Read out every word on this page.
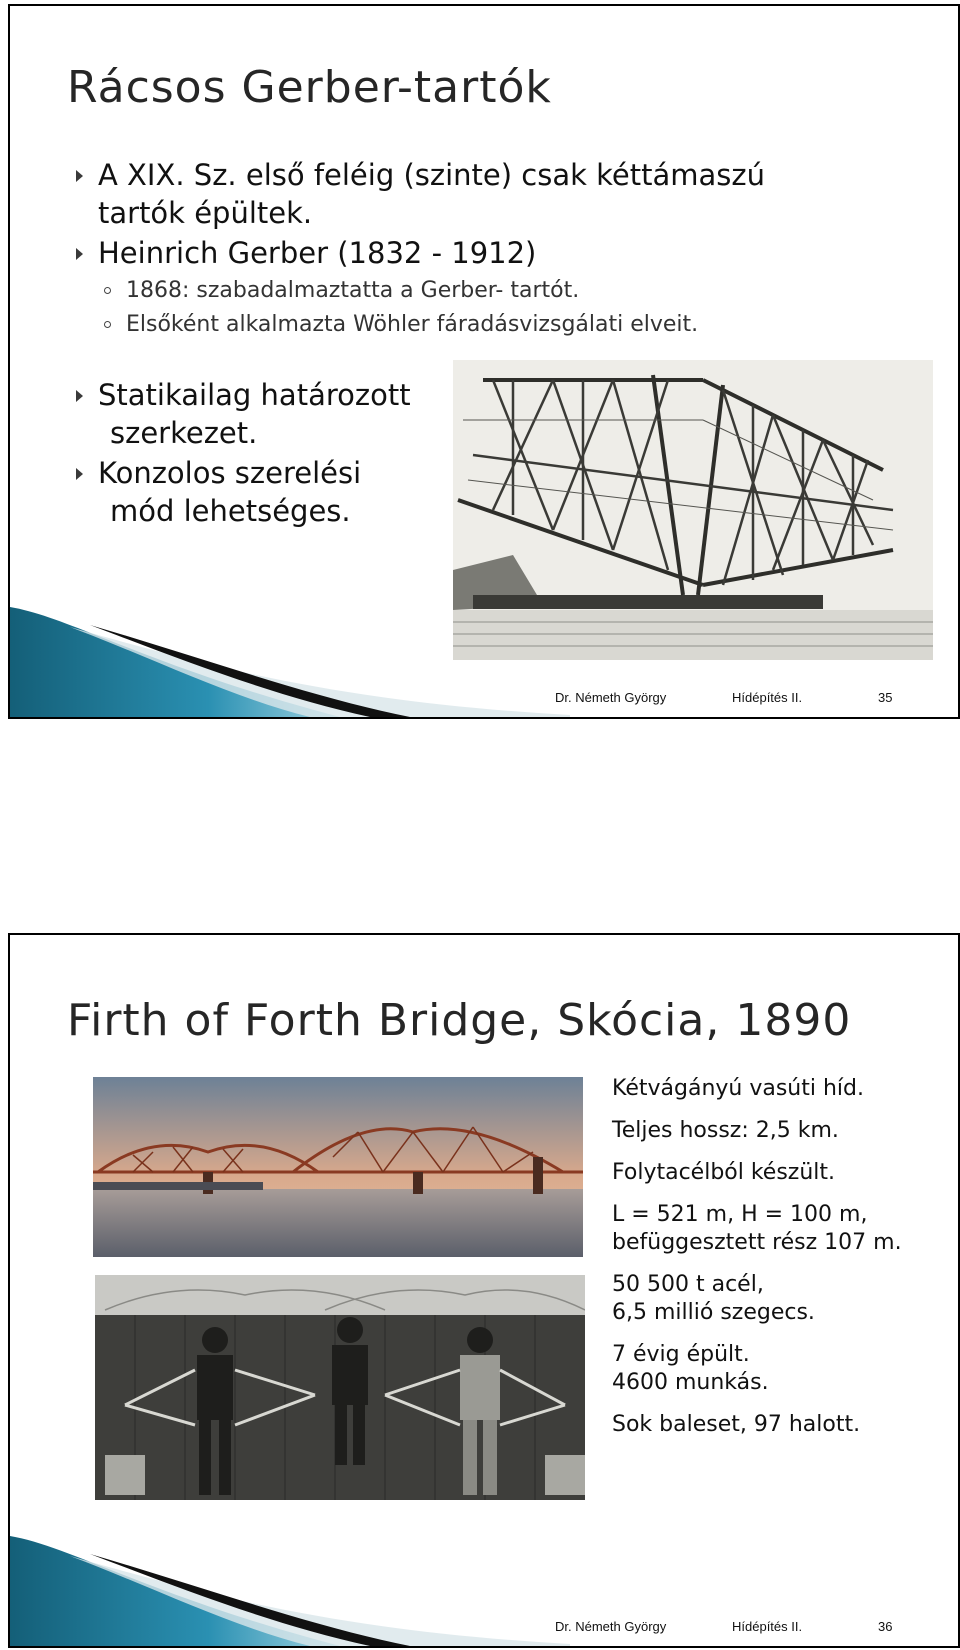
Rácsos Gerber-tartók
A XIX. Sz. első feléig (szinte) csak kéttámaszú
tartók épültek.
Heinrich Gerber (1832 - 1912)
1868: szabadalmaztatta a Gerber- tartót.
Elsőként alkalmazta Wöhler fáradásvizsgálati elveit.
Statikailag határozott
szerkezet.
Konzolos szerelési
mód lehetséges.
Dr. Németh György	Hídépítés II.	35
Firth of Forth Bridge, Skócia, 1890

Kétvágányú vasúti híd.

Teljes hossz: 2,5 km.

Folytacélból készült.

L = 521 m, H = 100 m,
befüggesztett rész 107 m.

50 500 t acél,
6,5 millió szegecs.

7 évig épült.
4600 munkás.

Sok baleset, 97 halott.

Dr. Németh György	Hídépítés II.	36
